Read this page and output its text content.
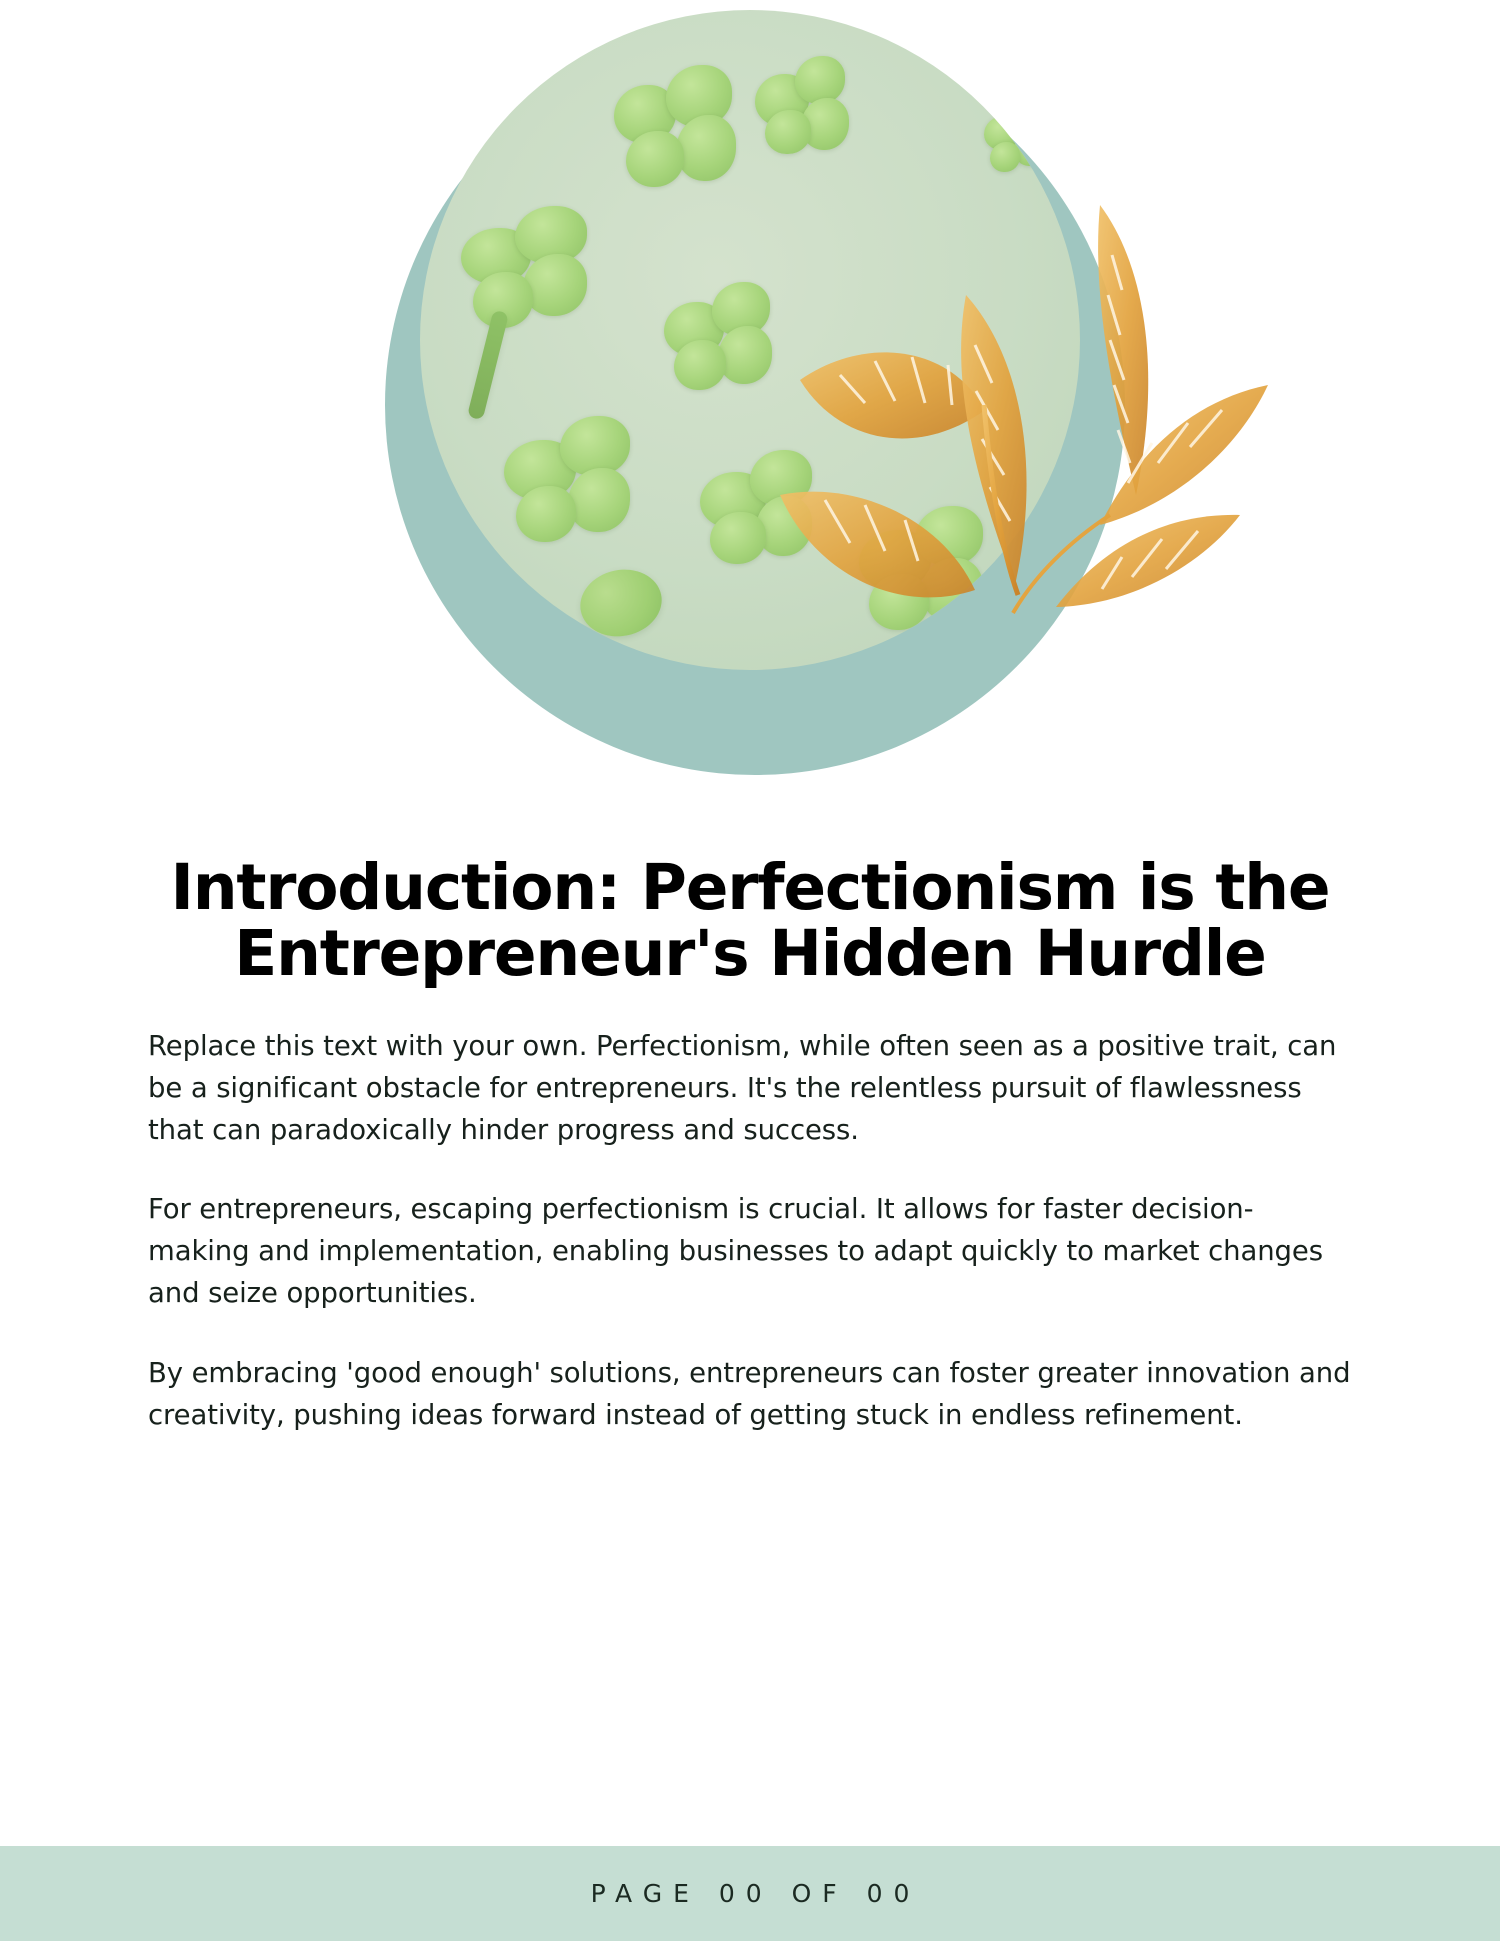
Introduction: Perfectionism is the Entrepreneur's Hidden Hurdle

Replace this text with your own. Perfectionism, while often seen as a positive trait, can be a significant obstacle for entrepreneurs. It's the relentless pursuit of flawlessness that can paradoxically hinder progress and success.

For entrepreneurs, escaping perfectionism is crucial. It allows for faster decision-making and implementation, enabling businesses to adapt quickly to market changes and seize opportunities.

By embracing 'good enough' solutions, entrepreneurs can foster greater innovation and creativity, pushing ideas forward instead of getting stuck in endless refinement.

PAGE 00 OF 00
